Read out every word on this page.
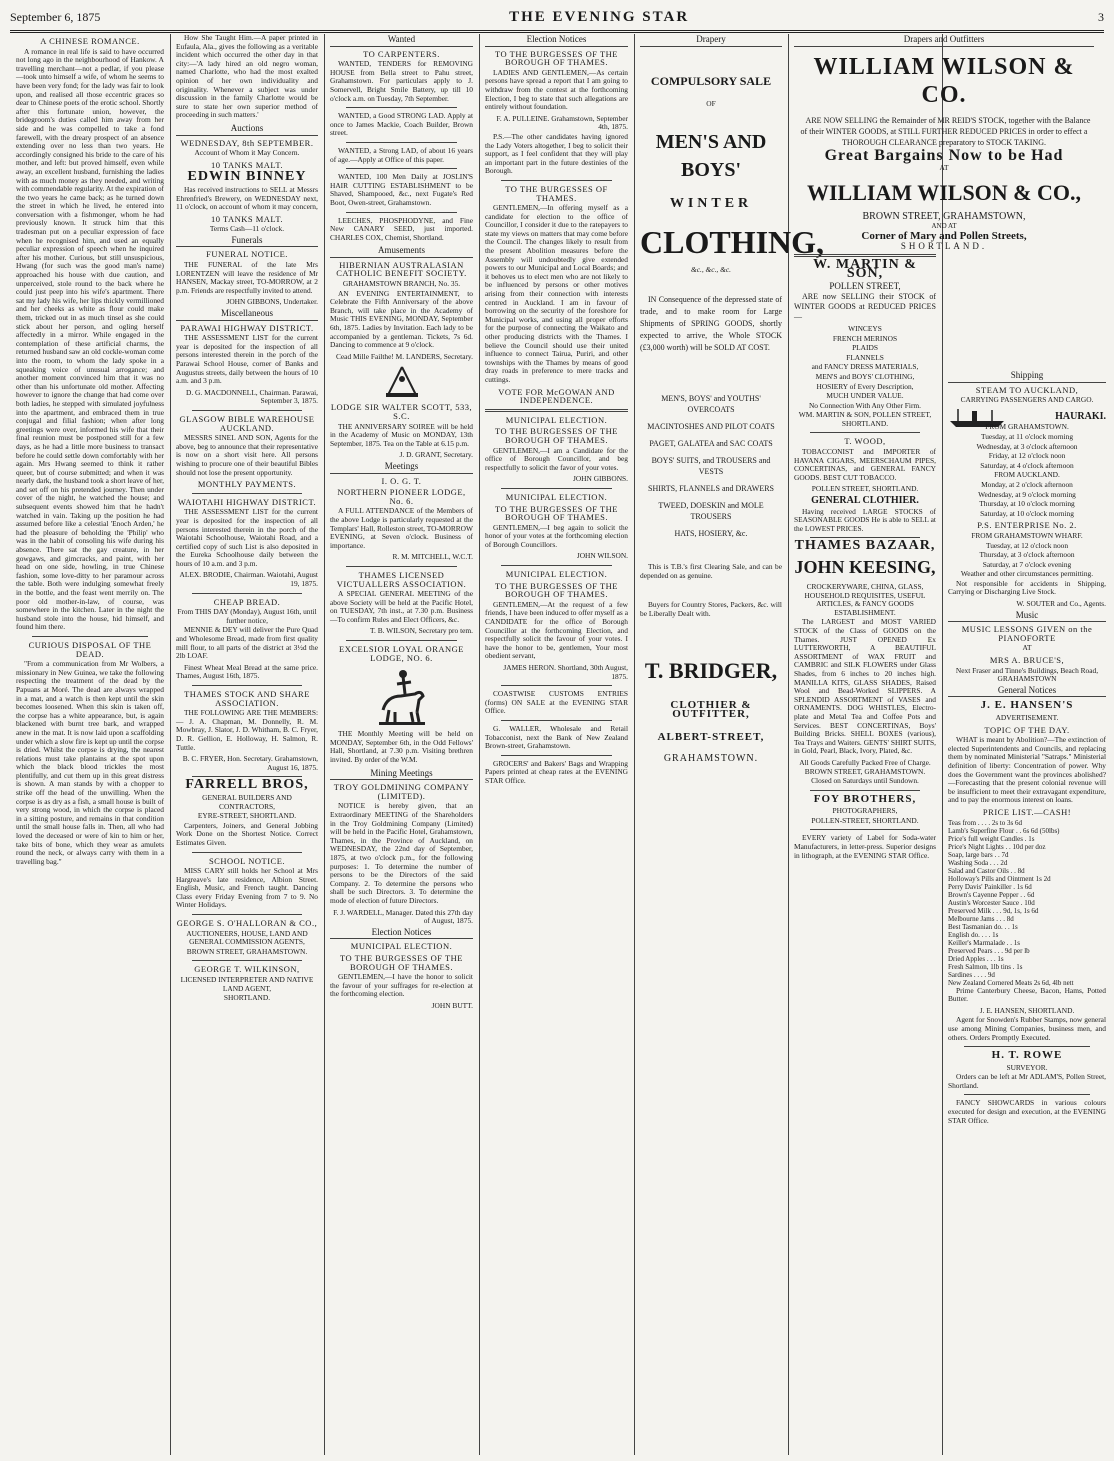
September 6, 1875	THE EVENING STAR	3
A CHINESE ROMANCE.
A romance in real life is said to have occurred not long ago in the neighbourhood of Hankow. A travelling merchant—not a pedlar, if you please—took unto himself a wife, of whom he seems to have been very fond; for the lady was fair to look upon, and realised all those eccentric graces so dear to Chinese poets of the erotic school. Shortly after this fortunate union, however, the bridegroom's duties called him away from her side and he was compelled to take a fond farewell, with the dreary prospect of an absence extending over no less than two years. He accordingly consigned his bride to the care of his mother, and left: but proved himself, even while away, an excellent husband, furnishing the ladies with as much money as they needed, and writing with commendable regularity. At the expiration of the two years he came back; as he turned down the street in which he lived, he entered into conversation with a fishmonger, whom he had previously known. It struck him that this tradesman put on a peculiar expression of face when he recognised him, and used an equally peculiar expression of speech when he inquired after his mother. Curious, but still unsuspicious, Hwang (for such was the good man's name) approached his house with due caution, and unperceived, stole round to the back where he could just peep into his wife's apartment. There sat my lady his wife, her lips thickly vermillioned and her cheeks as white as flour could make them, tricked out in as much tinsel as she could stick about her person, and ogling herself affectedly in a mirror. While engaged in the contemplation of these artificial charms, the returned husband saw an old cockle-woman come into the room, to whom the lady spoke in a squeaking voice of unusual arrogance; and another moment convinced him that it was no other than his unfortunate old mother. Affecting however to ignore the change that had come over both ladies, he stepped with simulated joyfulness into the apartment, and embraced them in true conjugal and filial fashion; when after long greetings were over, informed his wife that their final reunion must be postponed still for a few days, as he had a little more business to transact before he could settle down comfortably with her again. Mrs Hwang seemed to think it rather queer, but of course submitted; and when it was nearly dark, the husband took a short leave of her, and set off on his pretended journey. Then under cover of the night, he watched the house; and subsequent events showed him that he hadn't watched in vain. Taking up the position he had assumed before like a celestial 'Enoch Arden,' he had the pleasure of beholding the 'Philip' who was in the habit of consoling his wife during his absence. There sat the gay creature, in her gowgaws, and gimcracks, and paint, with her head on one side, howling, in true Chinese fashion, some love-ditty to her paramour across the table. Both were indulging somewhat freely in the bottle, and the feast went merrily on. The poor old mother-in-law, of course, was somewhere in the kitchen. Later in the night the husband stole into the house, hid himself, and found him there.
CURIOUS DISPOSAL OF THE DEAD.
"From a communication from Mr Wolbers, a missionary in New Guinea, we take the following respecting the treatment of the dead by the Papuans at Moré. The dead are always wrapped in a mat, and a watch is then kept until the skin becomes loosened. When this skin is taken off, the corpse has a white appearance, but, is again blackened with burnt tree bark, and wrapped anew in the mat. It is now laid upon a scaffolding under which a slow fire is kept up until the corpse is dried. Whilst the corpse is drying, the nearest relations must take plantains at the spot upon which the black blood trickles the most plentifully, and cut them up in this great distress is shown. A man stands by with a chopper to strike off the head of the unwilling. When the corpse is as dry as a fish, a small house is built of very strong wood, in which the corpse is placed in a sitting posture, and remains in that condition until the small house falls in. Then, all who had loved the deceased or were of kin to him or her, take bits of bone, which they wear as amulets round the neck, or always carry with them in a travelling bag."
How She Taught Him.—A paper printed in Eufaula, Ala., gives the following as a veritable incident which occurred the other day in that city:—'A lady hired an old negro woman, named Charlotte, who had the most exalted opinion of her own individuality and originality. Whenever a subject was under discussion in the family Charlotte would be sure to state her own superior method of proceeding in such matters.'
Auctions
WEDNESDAY, 8th SEPTEMBER.
Account of Whom it May Concern.
10 TANKS MALT.
EDWIN BINNEY
Has received instructions to SELL at Messrs Ehrenfried's Brewery, on WEDNESDAY next, 11 o'clock, on account of whom it may concern,
10 TANKS MALT.
Terms Cash—11 o'clock.
Funerals
FUNERAL NOTICE.
THE FUNERAL of the late Mrs LORENTZEN will leave the residence of Mr HANSEN, Mackay street, TO-MORROW, at 2 p.m. Friends are respectfully invited to attend.
JOHN GIBBONS, Undertaker.
Miscellaneous
PARAWAI HIGHWAY DISTRICT.
THE ASSESSMENT LIST for the current year is deposited for the inspection of all persons interested therein in the porch of the Parawai School House, corner of Banks and Augustus streets, daily between the hours of 10 a.m. and 3 p.m.
D. G. MACDONNELL, Chairman. Parawai, September 3, 1875.
GLASGOW BIBLE WAREHOUSE AUCKLAND.
MESSRS SINEL AND SON, Agents for the above, beg to announce that their representative is now on a short visit here. All persons wishing to procure one of their beautiful Bibles should not lose the present opportunity.
MONTHLY PAYMENTS.
WAIOTAHI HIGHWAY DISTRICT.
THE ASSESSMENT LIST for the current year is deposited for the inspection of all persons interested therein in the porch of the Waiotahi Schoolhouse, Waiotahi Road, and a certified copy of such List is also deposited in the Eureka Schoolhouse daily between the hours of 10 a.m. and 3 p.m.
ALEX. BRODIE, Chairman. Waiotahi, August 19, 1875.
CHEAP BREAD.
From THIS DAY (Monday), August 16th, until further notice,
MENNIE & DEY will deliver the Pure Quad and Wholesome Bread, made from first quality mill flour, to all parts of the district at 3½d the 2lb LOAF.
Finest Wheat Meal Bread at the same price. Thames, August 16th, 1875.
THAMES STOCK AND SHARE ASSOCIATION.
THE FOLLOWING ARE THE MEMBERS:— J. A. Chapman, M. Donnelly, R. M. Mowbray, J. Slator, J. D. Whitham, B. C. Fryer, D. R. Gellion, E. Holloway, H. Salmon, R. Tuttle.
B. C. FRYER, Hon. Secretary. Grahamstown, August 16, 1875.
FARRELL BROS,
GENERAL BUILDERS AND CONTRACTORS,
EYRE-STREET, SHORTLAND.
Carpenters, Joiners, and General Jobbing Work Done on the Shortest Notice. Correct Estimates Given.
SCHOOL NOTICE.
MISS CARY still holds her School at Mrs Hargreave's late residence, Albion Street. English, Music, and French taught. Dancing Class every Friday Evening from 7 to 9. No Winter Holidays.
GEORGE S. O'HALLORAN & CO.,
AUCTIONEERS, HOUSE, LAND AND GENERAL COMMISSION AGENTS,
BROWN STREET, GRAHAMSTOWN.
GEORGE T. WILKINSON,
LICENSED INTERPRETER AND NATIVE LAND AGENT,
SHORTLAND.
Wanted
TO CARPENTERS.
WANTED, TENDERS for REMOVING HOUSE from Bella street to Pahu street, Grahamstown. For particulars apply to J. Somervell, Bright Smile Battery, up till 10 o'clock a.m. on Tuesday, 7th September.
WANTED, a Good STRONG LAD. Apply at once to James Mackie, Coach Builder, Brown street.
WANTED, a Strong LAD, of about 16 years of age.—Apply at Office of this paper.
WANTED, 100 Men Daily at JOSLIN'S HAIR CUTTING ESTABLISHMENT to be Shaved, Shampooed, &c., next Fugate's Red Boot, Owen-street, Grahamstown.
LEECHES, PHOSPHODYNE, and Fine New CANARY SEED, just imported. CHARLES COX, Chemist, Shortland.
Amusements
HIBERNIAN AUSTRALASIAN CATHOLIC BENEFIT SOCIETY.
GRAHAMSTOWN BRANCH, No. 35.
AN EVENING ENTERTAINMENT, to Celebrate the Fifth Anniversary of the above Branch, will take place in the Academy of Music THIS EVENING, MONDAY, September 6th, 1875. Ladies by Invitation. Each lady to be accompanied by a gentleman. Tickets, 7s 6d. Dancing to commence at 9 o'clock.
Cead Mille Failthe! M. LANDERS, Secretary.
LODGE SIR WALTER SCOTT, 533, S.C.
THE ANNIVERSARY SOIREE will be held in the Academy of Music on MONDAY, 13th September, 1875. Tea on the Table at 6.15 p.m.
J. D. GRANT, Secretary.
Meetings
I. O. G. T.
NORTHERN PIONEER LODGE, No. 6.
A FULL ATTENDANCE of the Members of the above Lodge is particularly requested at the Templars' Hall, Rolleston street, TO-MORROW EVENING, at Seven o'clock. Business of importance.
R. M. MITCHELL, W.C.T.
THAMES LICENSED VICTUALLERS ASSOCIATION.
A SPECIAL GENERAL MEETING of the above Society will be held at the Pacific Hotel, on TUESDAY, 7th inst., at 7.30 p.m. Business—To confirm Rules and Elect Officers, &c.
T. B. WILSON, Secretary pro tem.
EXCELSIOR LOYAL ORANGE LODGE, NO. 6.
THE Monthly Meeting will be held on MONDAY, September 6th, in the Odd Fellows' Hall, Shortland, at 7.30 p.m. Visiting brethren invited. By order of the W.M.
Mining Meetings
TROY GOLDMINING COMPANY (LIMITED).
NOTICE is hereby given, that an Extraordinary MEETING of the Shareholders in the Troy Goldmining Company (Limited) will be held in the Pacific Hotel, Grahamstown, Thames, in the Province of Auckland, on WEDNESDAY, the 22nd day of September, 1875, at two o'clock p.m., for the following purposes: 1. To determine the number of persons to be the Directors of the said Company. 2. To determine the persons who shall be such Directors. 3. To determine the mode of election of future Directors.
F. J. WARDELL, Manager. Dated this 27th day of August, 1875.
Election Notices
MUNICIPAL ELECTION.
TO THE BURGESSES OF THE BOROUGH OF THAMES.
GENTLEMEN,—I have the honor to solicit the favour of your suffrages for re-election at the forthcoming election.
JOHN BUTT.
Election Notices
TO THE BURGESSES OF THE BOROUGH OF THAMES.
LADIES AND GENTLEMEN,—As certain persons have spread a report that I am going to withdraw from the contest at the forthcoming Election, I beg to state that such allegations are entirely without foundation.
F. A. PULLEINE. Grahamstown, September 4th, 1875.
P.S.—The other candidates having ignored the Lady Voters altogether, I beg to solicit their support, as I feel confident that they will play an important part in the future destinies of the Borough.
TO THE BURGESSES OF THAMES.
GENTLEMEN,—In offering myself as a candidate for election to the office of Councillor, I consider it due to the ratepayers to state my views on matters that may come before the Council. The changes likely to result from the present Abolition measures before the Assembly will undoubtedly give extended powers to our Municipal and Local Boards; and it behoves us to elect men who are not likely to be influenced by persons or other motives arising from their connection with interests centred in Auckland. I am in favour of borrowing on the security of the foreshore for Municipal works, and using all proper efforts for the purpose of connecting the Waikato and other producing districts with the Thames. I believe the Council should use their united influence to connect Tairua, Puriri, and other townships with the Thames by means of good dray roads in preference to mere tracks and cuttings.
VOTE FOR McGOWAN AND INDEPENDENCE.
MUNICIPAL ELECTION.
TO THE BURGESSES OF THE BOROUGH OF THAMES.
GENTLEMEN,—I am a Candidate for the office of Borough Councillor, and beg respectfully to solicit the favor of your votes.
JOHN GIBBONS.
MUNICIPAL ELECTION.
TO THE BURGESSES OF THE BOROUGH OF THAMES.
GENTLEMEN,—I beg again to solicit the honor of your votes at the forthcoming election of Borough Councillors.
JOHN WILSON.
MUNICIPAL ELECTION.
TO THE BURGESSES OF THE BOROUGH OF THAMES.
GENTLEMEN,—At the request of a few friends, I have been induced to offer myself as a CANDIDATE for the office of Borough Councillor at the forthcoming Election, and respectfully solicit the favour of your votes. I have the honor to be, gentlemen, Your most obedient servant,
JAMES HERON. Shortland, 30th August, 1875.
COASTWISE CUSTOMS ENTRIES (forms) ON SALE at the EVENING STAR Office.
G. WALLER, Wholesale and Retail Tobacconist, next the Bank of New Zealand Brown-street, Grahamstown.
GROCERS' and Bakers' Bags and Wrapping Papers printed at cheap rates at the EVENING STAR Office.
Drapery
COMPULSORY SALE
OF
MEN'S AND BOYS'
WINTER
CLOTHING,
&c., &c., &c.
IN Consequence of the depressed state of trade, and to make room for Large Shipments of SPRING GOODS, shortly expected to arrive, the Whole STOCK (£3,000 worth) will be SOLD AT COST.
MEN'S, BOYS' and YOUTHS' OVERCOATS
MACINTOSHES AND PILOT COATS
PAGET, GALATEA and SAC COATS
BOYS' SUITS, and TROUSERS and VESTS
SHIRTS, FLANNELS and DRAWERS
TWEED, DOESKIN and MOLE TROUSERS
HATS, HOSIERY, &c.
This is T.B.'s first Clearing Sale, and can be depended on as genuine.
Buyers for Country Stores, Packers, &c. will be Liberally Dealt with.
T. BRIDGER,
CLOTHIER & OUTFITTER,
ALBERT-STREET,
GRAHAMSTOWN.
Drapers and Outfitters
WILLIAM WILSON & CO.
ARE NOW SELLING the Remainder of MR REID'S STOCK, together with the Balance of their WINTER GOODS, at STILL FURTHER REDUCED PRICES in order to effect a THOROUGH CLEARANCE preparatory to STOCK TAKING.
Great Bargains Now to be Had
AT
WILLIAM WILSON & CO.,
BROWN STREET, GRAHAMSTOWN,
AND AT
Corner of Mary and Pollen Streets,
SHORTLAND.
W. MARTIN & SON,
POLLEN STREET,
ARE now SELLING their STOCK of WINTER GOODS at REDUCED PRICES—
WINCEYS
FRENCH MERINOS
PLAIDS
FLANNELS
and FANCY DRESS MATERIALS,
MEN'S and BOYS' CLOTHING,
HOSIERY of Every Description,
MUCH UNDER VALUE.
No Connection With Any Other Firm.
WM. MARTIN & SON, POLLEN STREET, SHORTLAND.
T. WOOD,
TOBACCONIST and IMPORTER of HAVANA CIGARS, MEERSCHAUM PIPES, CONCERTINAS, and GENERAL FANCY GOODS. BEST CUT TOBACCO.
POLLEN STREET, SHORTLAND.
GENERAL CLOTHIER.
Having received LARGE STOCKS of SEASONABLE GOODS He is able to SELL at the LOWEST PRICES.
THAMES BAZAAR,
JOHN KEESING,
CROCKERYWARE, CHINA, GLASS, HOUSEHOLD REQUISITES, USEFUL ARTICLES, & FANCY GOODS ESTABLISHMENT.
The LARGEST and MOST VARIED STOCK of the Class of GOODS on the Thames. JUST OPENED Ex LUTTERWORTH, A BEAUTIFUL ASSORTMENT of WAX FRUIT and CAMBRIC and SILK FLOWERS under Glass Shades, from 6 inches to 20 inches high. MANILLA KITS, GLASS SHADES, Raised Wool and Bead-Worked SLIPPERS. A SPLENDID ASSORTMENT of VASES and ORNAMENTS. DOG WHISTLES, Electro-plate and Metal Tea and Coffee Pots and Services. BEST CONCERTINAS, Boys' Building Bricks. SHELL BOXES (various), Tea Trays and Waiters. GENTS' SHIRT SUITS, in Gold, Pearl, Black, Ivory, Plated, &c.
All Goods Carefully Packed Free of Charge.
BROWN STREET, GRAHAMSTOWN. Closed on Saturdays until Sundown.
FOY BROTHERS,
PHOTOGRAPHERS,
POLLEN-STREET, SHORTLAND.
EVERY variety of Label for Soda-water Manufacturers, in letter-press. Superior designs in lithograph, at the EVENING STAR Office.
Shipping
STEAM TO AUCKLAND,
CARRYING PASSENGERS AND CARGO.
HAURAKI.
FROM GRAHAMSTOWN.
Tuesday, at 11 o'clock morning
Wednesday, at 3 o'clock afternoon
Friday, at 12 o'clock noon
Saturday, at 4 o'clock afternoon
FROM AUCKLAND.
Monday, at 2 o'clock afternoon
Wednesday, at 9 o'clock morning
Thursday, at 10 o'clock morning
Saturday, at 10 o'clock morning
P.S. ENTERPRISE No. 2.
FROM GRAHAMSTOWN WHARF.
Tuesday, at 12 o'clock noon
Thursday, at 3 o'clock afternoon
Saturday, at 7 o'clock evening
Weather and other circumstances permitting.
Not responsible for accidents in Shipping, Carrying or Discharging Live Stock.
W. SOUTER and Co., Agents.
Music
MUSIC LESSONS GIVEN on the PIANOFORTE
AT
MRS A. BRUCE'S,
Next Fraser and Tinne's Buildings, Beach Road, GRAHAMSTOWN
General Notices
J. E. HANSEN'S
ADVERTISEMENT.
TOPIC OF THE DAY.
WHAT is meant by Abolition?—The extinction of elected Superintendents and Councils, and replacing them by nominated Ministerial "Satraps." Ministerial definition of liberty: Concentration of power. Why does the Government want the provinces abolished?—Forecasting that the present colonial revenue will be insufficient to meet their extravagant expenditure, and to pay the enormous interest on loans.
PRICE LIST.—CASH!
Teas from . . . . 2s to 3s 6d
Lamb's Superfine Flour . . 6s 6d (50lbs)
Price's full weight Candles . 1s
Price's Night Lights . . 10d per doz
Soap, large bars . . 7d
Washing Soda . . . 2d
Salad and Castor Oils . . 8d
Holloway's Pills and Ointment 1s 2d
Perry Davis' Painkiller . 1s 6d
Brown's Cayenne Pepper . . 6d
Austin's Worcester Sauce . 10d
Preserved Milk . . . 9d, 1s, 1s 6d
Melbourne Jams . . . 8d
Best Tasmanian do. . . 1s
English do. . . . 1s
Keiller's Marmalade . . 1s
Preserved Pears . . . 9d per lb
Dried Apples . . . 1s
Fresh Salmon, 1lb tins . 1s
Sardines . . . . 9d
New Zealand Cornered Meats 2s 6d, 4lb nett
Prime Canterbury Cheese, Bacon, Hams, Potted Butter.
J. E. HANSEN, SHORTLAND.
Agent for Snowden's Rubber Stamps, now general use among Mining Companies, business men, and others. Orders Promptly Executed.
H. T. ROWE
SURVEYOR.
Orders can be left at Mr ADLAM'S, Pollen Street, Shortland.
FANCY SHOWCARDS in various colours executed for design and execution, at the EVENING STAR Office.
